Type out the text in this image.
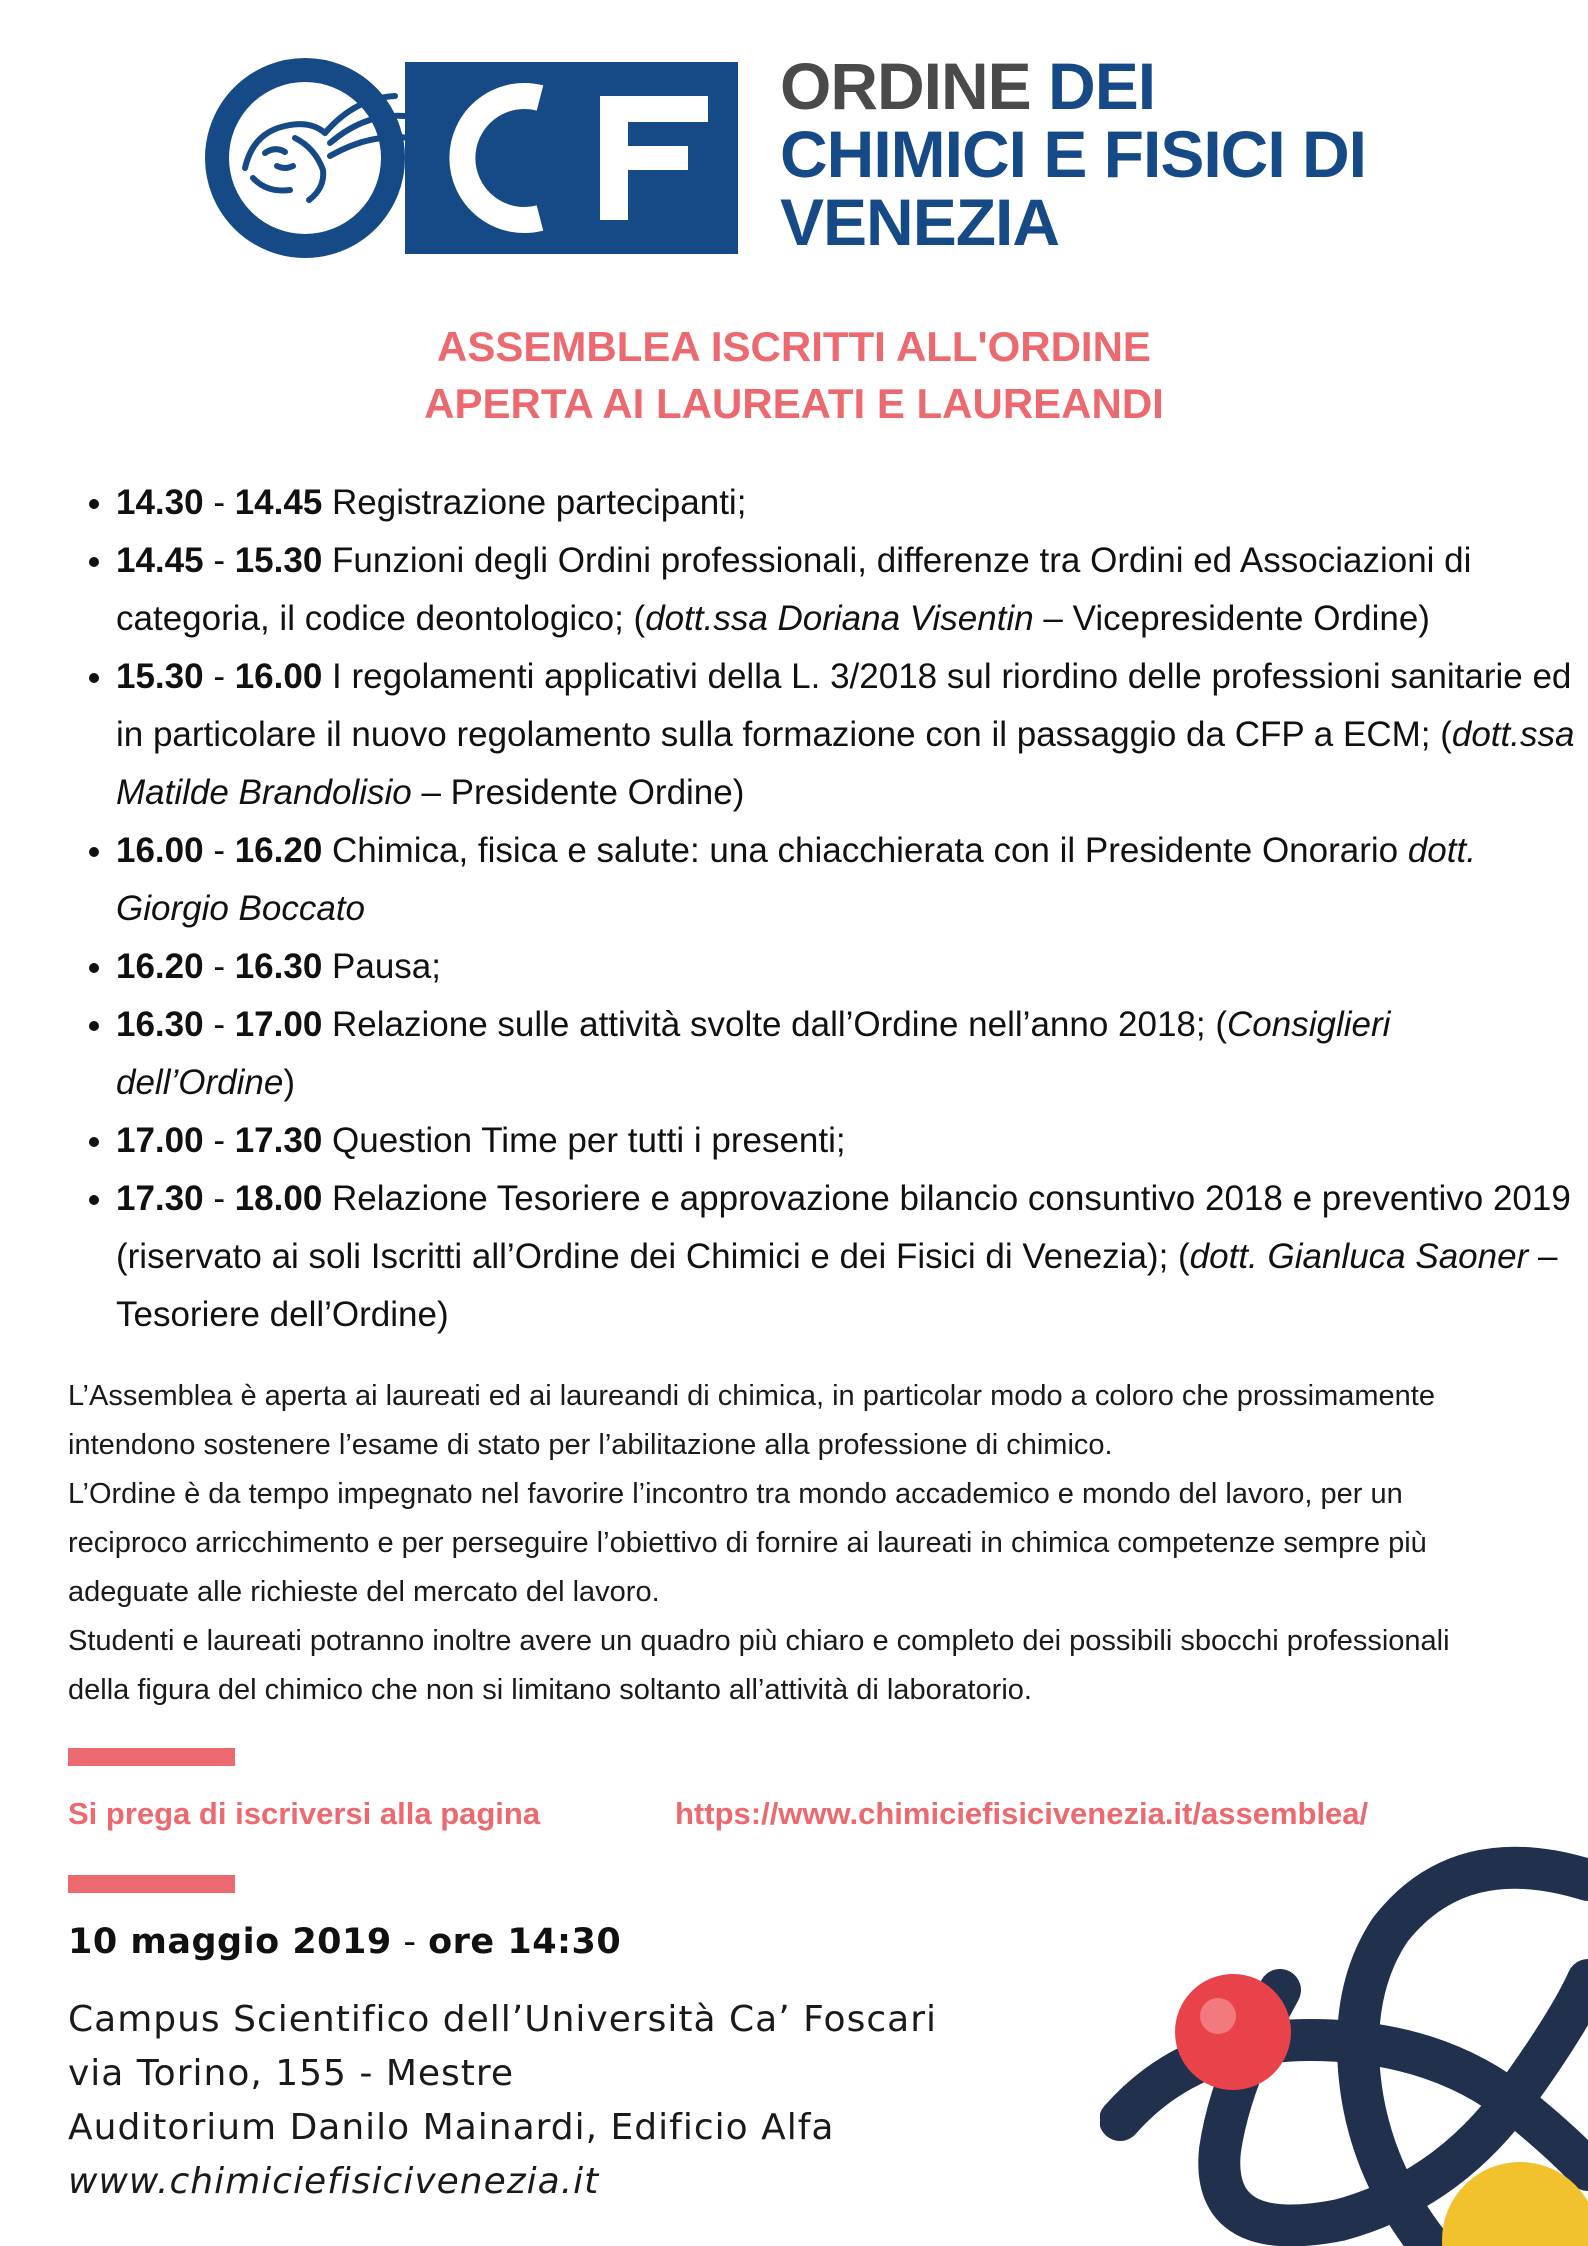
ORDINE DEI
CHIMICI E FISICI DI
VENEZIA
ASSEMBLEA ISCRITTI ALL'ORDINE
APERTA AI LAUREATI E LAUREANDI
• 14.30 - 14.45 Registrazione partecipanti;
• 14.45 - 15.30 Funzioni degli Ordini professionali, differenze tra Ordini ed Associazioni di categoria, il codice deontologico; (dott.ssa Doriana Visentin – Vicepresidente Ordine)
• 15.30 - 16.00 I regolamenti applicativi della L. 3/2018 sul riordino delle professioni sanitarie ed in particolare il nuovo regolamento sulla formazione con il passaggio da CFP a ECM; (dott.ssa Matilde Brandolisio – Presidente Ordine)
• 16.00 - 16.20 Chimica, fisica e salute: una chiacchierata con il Presidente Onorario dott. Giorgio Boccato
• 16.20 - 16.30 Pausa;
• 16.30 - 17.00 Relazione sulle attività svolte dall’Ordine nell’anno 2018; (Consiglieri dell’Ordine)
• 17.00 - 17.30 Question Time per tutti i presenti;
• 17.30 - 18.00 Relazione Tesoriere e approvazione bilancio consuntivo 2018 e preventivo 2019 (riservato ai soli Iscritti all’Ordine dei Chimici e dei Fisici di Venezia); (dott. Gianluca Saoner – Tesoriere dell’Ordine)

L’Assemblea è aperta ai laureati ed ai laureandi di chimica, in particolar modo a coloro che prossimamente intendono sostenere l’esame di stato per l’abilitazione alla professione di chimico.

L’Ordine è da tempo impegnato nel favorire l’incontro tra mondo accademico e mondo del lavoro, per un reciproco arricchimento e per perseguire l’obiettivo di fornire ai laureati in chimica competenze sempre più adeguate alle richieste del mercato del lavoro.

Studenti e laureati potranno inoltre avere un quadro più chiaro e completo dei possibili sbocchi professionali della figura del chimico che non si limitano soltanto all’attività di laboratorio.

Si prega di iscriversi alla pagina	https://www.chimiciefisicivenezia.it/assemblea/
10 maggio 2019 - ore 14:30
Campus Scientifico dell’Università Ca’ Foscari
via Torino, 155 - Mestre
Auditorium Danilo Mainardi, Edificio Alfa
www.chimiciefisicivenezia.it
